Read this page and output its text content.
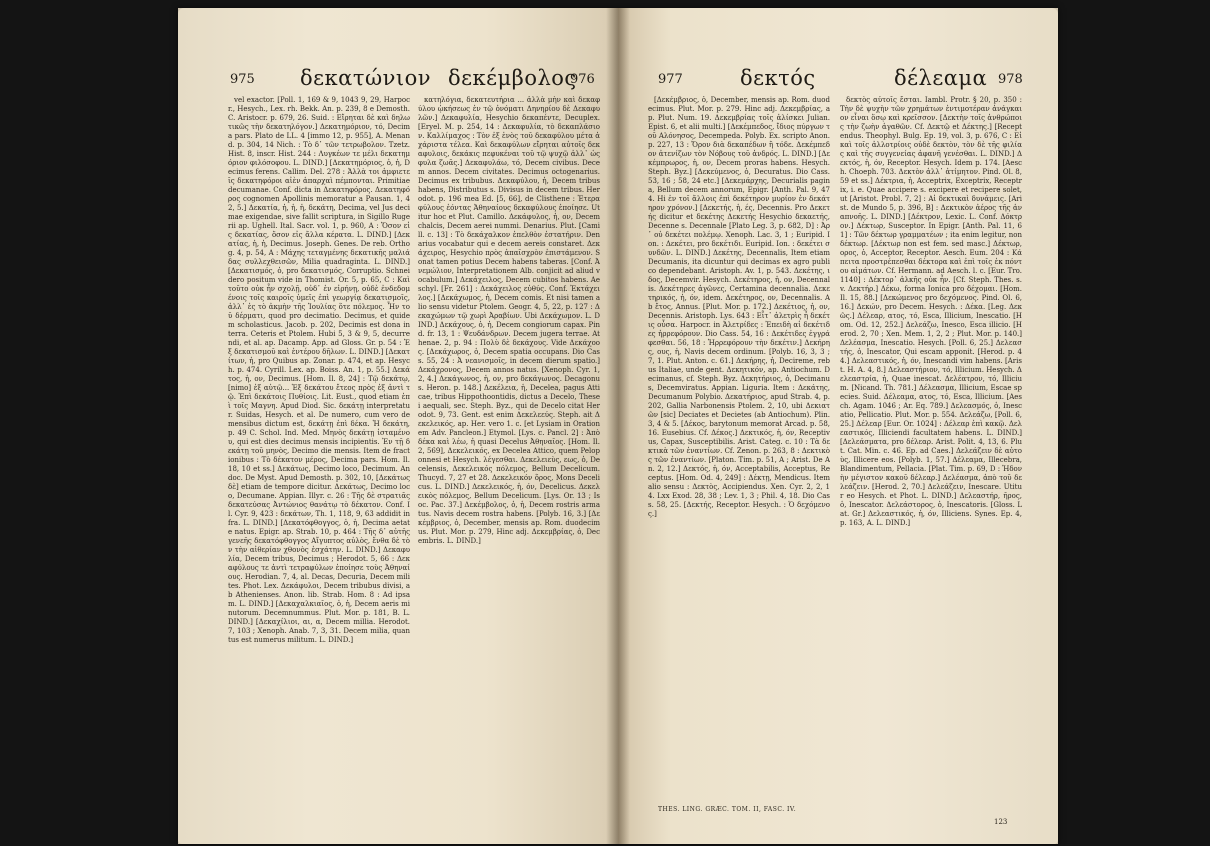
975 δεκατώνιον δεκέμβολος
976

vel exactor. [Poll. 1, 169 & 9, 1043 9, 29, Harpocr., Hesych., Lex. rh. Bekk. An. p. 239, 8 e Demosth. C. Aristocr. p. 679, 26. Suid. : Εἴρηται δὲ καὶ δηλωτικῶς τὴν δεκατηλόγον.] Δεκατημόριον, τό, Decima pars. Plato de LL. 4 [immo 12, p. 955], A. Menand. p. 304, 14 Nich. : Τὸ δ᾽ τῶν τετρωβολον. Tzetz. Hist. 8, inscr. Hist. 244 : Λυγκέων τε μέλι δεκατημόριον φιλόσοφου. L. DIND.] [Δεκατημόριος, ὁ, ἡ, Decimus ferens. Callim. Del. 278 : Ἀλλὰ τοι ἀμφιετεῖς δεκατηφόροι αἰὲν ἀπαρχαὶ πέμπονται. Primitiae decumanae. Conf. dicta in Δεκατηφόρος. Δεκατηφόρος cognomen Apollinis memoratur a Pausan. 1, 42, 5.] Δεκατία, ἡ, ἡ, ἡ, δεκάτη, Decima, vel Jus decimae exigendae, sive fallit scriptura, in Sigillo Rugerii ap. Ughell. Ital. Sacr. vol. 1, p. 960, A : Ὅσον εἰς δεκατίας, ὅσον εἰς ἄλλα κέρατα. L. DIND.] [Δεκατίας, ἡ, ἡ, Decimus. Joseph. Genes. De reb. Orthog. 4, p. 54, A : Μάχης τεταγμένης δεκατικῆς μαλιάδας συλλεχθεισῶν, Milia quadraginta. L. DIND.] [Δεκατισμός, ὁ, pro δεκατισμός, Corruptio. Schneidero positum vide in Thomist. Or. 5, p. 65, C : Καὶ τοῦτο οὐκ ἦν σχολῇ, οὐδ᾽ ἐν εἰρήνῃ, οὐδὲ ἐνδεδομένοις τοῖς καιροῖς ὑμεῖς ἐπὶ γεωργίᾳ δεκατισμοῖς, ἀλλ᾽ ἐς τὸ ἀκμὴν τῆς Ἰουλίας ὅτε πόλεμος. Ἦν τοῦ δέρματι, quod pro decimatio. Decimus, et quidem scholasticus. Jacob. p. 202, Decimis est dona in terra. Ceteris et Ptolem. Hubi 5, 3 & 9, 5, decurrendi, et al. ap. Dacamp. App. ad Gloss. Gr. p. 54 : Ἐξ δεκατισμοῦ καὶ ἐντέρου δῆλων. L. DIND.] [Δεκατίτων, ἡ, pro Quibus ap. Zonar. p. 474, et ap. Hesych. p. 474. Cyrill. Lex. ap. Boiss. An. 1, p. 55.] Δεκάτος, ἡ, ον, Decimus. [Hom. Il. 8, 24] : Τῷ δεκάτῳ, [nimo] ἐξ αὐτῷ... Ἐξ δεκάτου ἔτεος πρὸς ἐξ ἀντὶ τῷ. Ἐπὶ δεκάτοις Πυθίοις. Lit. Eust., quod etiam ἐπὶ τοῖς Μαγνη. Apud Diod. Sic. δεκάτῃ interpretatur. Suidas, Hesych. et al. De numero, cum vero de mensibus dictum est, δεκάτῃ ἐπὶ δέκα. Ἡ δεκάτη, p. 49 C. Schol. Ind. Med. Μηνὸς δεκάτῃ ἱσταμένου, qui est dies decimus mensis incipientis. Ἐν τῇ δεκάτῃ τοῦ μηνὸς, Decimo die mensis. Item de fractionibus : Τὸ δέκατον μέρος, Decima pars. Hom. Il. 18, 10 et ss.] Δεκάτως, Decimo loco, Decimum. Andoc. De Myst. Apud Demosth. p. 302, 10, [Δεκάτως δὲ] etiam de tempore dicitur. Δεκάτως, Decimo loco, Decumane. Appian. Illyr. c. 26 : Τῆς δὲ στρατιᾶς δεκατεύσας Ἀντώνιος θανάτῳ τὸ δέκατον. Conf. Il. Cyr. 9, 423 : δεκάτων, Th. 1, 118, 9, 63 addidit infra. L. DIND.] [Δεκατόφθογγος, ὁ, ἡ, Decima aetate natus. Epigr. ap. Strab. 10, p. 464 : Τῆς δ᾽ αὐτῆς γενεῆς δεκατόφθογγος Αἴγυπτος αὐλὸς, ἔνθα δὲ τὸν τὴν αἰθερίαν χθονὸς ἐσχάτην. L. DIND.] Δεκαφυλία, Decem tribus, Decimus ; Herodot. 5, 66 : Δεκαφύλους τε ἀντὶ τετραφύλων ἐποίησε τοὺς Ἀθηναίους. Herodian. 7, 4, al. Decas, Decuria, Decem milites. Phot. Lex. Δεκάφυλοι, Decem tribubus divisi, ab Athenienses. Anon. lib. Strab. Hom. 8 : Ad ipsam. L. DIND.] [Δεκαχαλκιαῖος, ὁ, ἡ, Decem aeris minutorum. Decemnummus. Plut. Mor. p. 181, B. L. DIND.] [Δεκαχίλιοι, αι, α, Decem millia. Herodot. 7, 103 ; Xenoph. Anab. 7, 3, 31. Decem milia, quantus est numerus militum. L. DIND.]

κατηλόγια, δεκατευτήρια ... ἀλλὰ μὴν καὶ δεκαφύλου ᾠκήσεως ἐν τῷ ὀνόματι Δηνηρίου δὲ Δεκαφυλῶν.] Δεκαφυλία, Hesychio δεκαπέντε, Decuplex. [Eryel. M. p. 254, 14 : Δεκαφυλία, τὸ δεκαπλάσιον. Καλλίμαχος : Τὸν ἐξ ἑνὸς τοῦ δεκαφύλου μέτα ἀχάριστα τέλεα. Καὶ δεκαφύλων εἴρηται αὐτοῖς δεκαφυλοις, δεκάκις πεφυκέναι τοῦ τῷ ψυχῷ ἀλλ᾽ ὡς φυλα ζωᾶς.] Δεκαφυλάω, τό, Decem civibus. Decem annos. Decem civitates. Decimus octogenarius. Decimus ex tribubus. Δεκαφύλου, ἡ, Decem tribus habens, Distributus s. Divisus in decem tribus. Herodot. p. 196 mea Ed. [5, 66], de Clisthene : Ἐτεραφύλους ἐόντας Ἀθηναίους δεκαφύλους ἐποίησε. Utitur hoc et Plut. Camillo. Δεκάφυλος, ἡ, ον, Decem chalcis, Decem aerei nummi. Denarius. Plut. [Camill. c. 13] : Τὸ δεκάχαλκον ἐπελθὸν ἐστατήριν. Denarius vocabatur qui e decem aereis constaret. Δεκάχειρος, Hesychio πρὸς ἀπαῖσχρὸν ἐπιστάμενον. Sonat tamen potius Decem habens taberas. [Conf. Ἀνεμώλιον, Interpretationem Alb. conjicit ad aliud vocabulum.] Δεκάχειλος, Decem cubitos habens. Aeschyl. [Fr. 261] : Δεκάχειλος εὐθύς. Conf. Ἐκτάχειλος.] [Δεκάχωμος, ἡ, Decem comis. Et nisi tamen alio sensu videtur Ptolem. Geogr. 4, 5, 22, p. 127 : Δεκαχώμων τῷ χωρὶ Ἀραβίων. Ubi Δεκάχωμον. L. DIND.] Δεκάχους, ὁ, ἡ, Decem congiorum capax. Pind. fr. 13, 1 : Ψευδάνδρων. Decem jugera terrae. Athenae. 2, p. 94 : Πολὺ δὲ δεκάχους. Vide Δεκάχοος. [Δεκάχωρος, ὁ, Decem spatia occupans. Dio Cass. 55, 24 : Ἀ νεανισμοῖς, in decem dierum spatio.] Δεκάχρονος, Decem annos natus. [Xenoph. Cyr. 1, 2, 4.] Δεκάγωνος, ἡ, ον, pro δεκάγωνος. Decagonus. Heron. p. 148.] Δεκέλεια, ἡ, Decelea, pagus Atticae, tribus Hippothoontidis, dictus a Decelo, Thesei aequali, sec. Steph. Byz., qui de Decelo citat Herodot. 9, 73. Gent. est enim Δεκελεεύς. Steph. ait Δεκελεικός, ap. Her. vero 1. c. [et Lysiam in Orationem Adv. Pancleon.] Etymol. [Lys. c. Pancl. 2] : Ἀπὸ δέκα καὶ λέω, ἡ quasi Decelus Ἀθηναῖος. [Hom. Il. 2, 569], Δεκελεικός, ex Decelea Attico, quem Peloponnesi et Hesych. λέγεσθαι. Δεκελειεὺς, εως, ὁ, Decelensis, Δεκελεικός πόλεμος, Bellum Decelicum. Thucyd. 7, 27 et 28. Δεκελεικόν ὅρος, Mons Decelicus. L. DIND.] Δεκελεικός, ἡ, όν, Decelicus. Δεκελεικὸς πόλεμος, Bellum Decelicum. [Lys. Or. 13 ; Isoc. Pac. 37.] Δεκέμβολος, ὁ, ἡ, Decem rostris armatus. Navis decem rostra habens. [Polyb. 16, 3.] [Δεκέμβριος, ὁ, December, mensis ap. Rom. duodecimus. Plut. Mor. p. 279, Hinc adj. Δεκεμβρίας, ὁ, Decembris. L. DIND.]

977	δεκτός	δέλεαμα 978

[Δεκέμβριος, ὁ, December, mensis ap. Rom. duodecimus. Plut. Mor. p. 279. Hinc adj. Δεκεμβρίας, ap. Plut. Num. 19. Δεκεμβρίας τοῖς ἁλίσκει Julian. Epist. 6, et alii multi.] [Δεκέμπεδος, ἴδιος πύργων τοῦ Αλόνησος, Decempeda. Polyb. Ex. scripto Anon. p. 227, 13 : Ὄρον διὰ δεκαπέδων ἢ τόδε. Δεκέμπεδον ἀτενίζων τὸν Νόβους τοῦ ἀνδρός. L. DIND.] [Δεκέμπρωρος, ἡ, ον, Decem proras habens. Hesych. Steph. Byz.] [Δεκεύμενος, ὁ, Decuratus. Dio Cass. 53, 16 ; 58, 24 etc.] [Δεκεμάρχης, Decurialis pagina, Bellum decem annorum, Epigr. [Anth. Pal. 9, 474. Hi ἐν τοῖ ἄλλοις ἐπὶ δεκέτηρον μυρίον ἐν δεκάτηρον χρόνον.] [Δεκετής, ἡ, ές, Decennis. Pro Δεκετής dicitur et δεκέτης Δεκετής Hesychio δεκαετής, Decenne s. Decennale [Plato Leg. 3, p. 682, D] : Ἀρ᾽ οὐ δεκέτει πολέμῳ. Xenoph. Lac. 3, 1 ; Euripid. Ion. : Δεκέτει, pro δεκέτιδι. Euripid. Ion. : δεκέτει συνδῶν. L. DIND.] Δεκέτης, Decennalis, Item etiam Decumanis, ita dicuntur qui decimas ex agro publico dependebant. Aristoph. Av. 1, p. 543. Δεκέτης, ιδος, Decemvir. Hesych. Δεκέτηρος, ἡ, ον, Decennalis. Δεκέτηρες ἀγῶνες, Certamina decennalia. Δεκετηρικός, ἡ, όν, idem. Δεκέτηρος, ον, Decennalis. Ab ἔτος, Annus. [Plut. Mor. p. 172.] Δεκέτιος, ἡ, ον, Decennis. Aristoph. Lys. 643 : Εἶτ᾽ ἀλετρὶς ἦ δεκέτις οὖσα. Harpocr. in Ἀλετρίδες : Ἐπειδὴ αἱ δεκέτιδες ἠρρεφόρουν. Dio Cass. 54, 16 : Δεκέτιδες ἐγγράφεσθαι. 56, 18 : Ἠρρεφόρουν τὴν δεκέτιν.] Δεκήρης, ους, ἡ, Navis decem ordinum. [Polyb. 16, 3, 3 ; 7, 1. Plut. Anton. c. 61.] Δεκήρης, ἡ, Decireme, rebus Italiae, unde gent. Δεκητικόν, ap. Antiochum. Decimanus, cf. Steph. Byz. Δεκητήριος, ὁ, Decimanus, Decemviratus. Appian. Liguria. Item : Δεκάτης, Decumanum Polybio. Δεκατήριος, apud Strab. 4, p. 202, Gallia Narbonensis Ptolem. 2, 10, ubi Δεκιατῶν [sic] Deciates et Decietes (ab Antiochum). Plin. 3, 4 & 5. [Δέκος, barytonum memorat Arcad. p. 58, 16. Eusebius. Cf. Δέκος.] Δεκτικός, ἡ, όν, Receptivus, Capax, Susceptibilis. Arist. Categ. c. 10 : Τὰ δεκτικὰ τῶν ἐναντίων. Cf. Zenon. p. 263, 8 : Δεκτικὸς τῶν ἐναντίων. [Platon. Tim. p. 51, A ; Arist. De An. 2, 12.] Δεκτός, ἡ, όν, Acceptabilis, Acceptus, Receptus. [Hom. Od. 4, 249] : Δέκτῃ, Mendicus. Item alio sensu : Δεκτὸς, Accipiendus. Xen. Cyr. 2, 2, 14. Lxx Exod. 28, 38 ; Lev. 1, 3 ; Phil. 4, 18. Dio Cass. 58, 25. [Δεκτής, Receptor. Hesych. : Ὁ δεχόμενος.]

δεκτὸς αὐτοῖς ἔσται. Iambl. Protr. § 20, p. 350 : Τὴν δὲ ψυχὴν τῶν χρημάτων ἐντιμοτέραν ἀνάγκαιον εἶναι ὅσῳ καὶ κρεῖσσον. [Δεκτὴν τοῖς ἀνθρώποις τὴν ζωὴν ἀγαθῶν. Cf. Δεκτῷ et Δέκτης.] [Receptendus. Theophyl. Bulg. Ep. 19, vol. 3, p. 676, C : Εἰ καὶ τοῖς ἀλλοτρίοις οὐδὲ δεκτὸν, τὸν δὲ τῆς φιλίας καὶ τῆς συγγενείας ἀφανῆ γενέσθαι. L. DIND.] Δεκτός, ἡ, όν, Receptor. Hesych. Idem p. 174. [Aesch. Choeph. 703. Δεκτὸν ἀλλ᾽ ἀτίμητον. Pind. Ol. 8, 59 et ss.] Δέκτρια, ἡ, Acceptrix, Exceptrix, Receptrix, i. e. Quae accipere s. excipere et recipere solet, ut [Aristot. Probl. 7, 2] : Αἱ δεκτικαὶ δυνάμεις. [Arist. de Mundo 5, p. 396, B] : Δεκτικὸν ἀέρος τῆς ἀναπνοῆς. L. DIND.] [Δέκτρον, Lexic. L. Conf. Δόκτρον.] Δέκτωρ, Susceptor. In Epigr. [Anth. Pal. 11, 61] : Τῶν δέκτωρ γραμματέων ; ita enim legitur, non δέκτωρ. [Δέκτωρ non est fem. sed masc.] Δέκτωρ, ορος, ὁ, Acceptor, Receptor. Aesch. Eum. 204 : Κάπειτα προστρέπεσθαι δέκτορα καὶ ἐπὶ τοῖς ἐκ πόντου αἱμάτων. Cf. Hermann. ad Aesch. l. c. [Eur. Tro. 1140] : Δέκτορ᾽ ἀλκῆς οὐκ ἦν. [Cf. Steph. Thes. s. v. Δεκτήρ.] Δέκω, forma Ionica pro δέχομαι. [Hom. Il. 15, 88.] [Δεκώμενος pro δεχόμενος. Pind. Ol. 6, 16.] Δεκών, pro Decem. Hesych. : Δέκα. [Leg. Δεκῶς.] Δέλεαρ, ατος, τό, Esca, Illicium, Inescatio. [Hom. Od. 12, 252.] Δελεάζω, Inesco, Esca illicio. [Herod. 2, 70 ; Xen. Mem. 1, 2, 2 ; Plut. Mor. p. 140.] Δελέασμα, Inescatio. Hesych. [Poll. 6, 25.] Δελεαστής, ὁ, Inescator, Qui escam apponit. [Herod. p. 44.] Δελεαστικός, ἡ, όν, Inescandi vim habens. [Arist. H. A. 4, 8.] Δελεαστήριον, τό, Illicium. Hesych. Δελεαστρία, ἡ, Quae inescat. Δελέατρον, τό, Illicium. [Nicand. Th. 781.] Δέλεασμα, Illicium, Escae species. Suid. Δέλεαμα, ατος, τό, Esca, Illicium. [Aesch. Agam. 1046 ; Ar. Eq. 789.] Δελεασμός, ὁ, Inescatio, Pellicatio. Plut. Mor. p. 554. Δελεάζω, [Poll. 6, 25.] Δέλεαρ [Eur. Or. 1024] : Δέλεαρ ἐπὶ κακῷ. Δελεαστικός, Illiciendi facultatem habens. L. DIND.] [Δελεάσματα, pro δέλεαρ. Arist. Polit. 4, 13, 6. Plut. Cat. Min. c. 46. Ep. ad Caes.] Δελεάζειν δὲ αὐτοὺς, Illicere eos. [Polyb. 1, 57.] Δέλεαμα, Illecebra, Blandimentum, Pellacia. [Plat. Tim. p. 69, D : Ἡδονὴν μέγιστον κακοῦ δέλεαρ.] Δελέασμα, ἀπὸ τοῦ δελεάζειν. [Herod. 2, 70.] Δελεάζειν, Inescare. Utitur eo Hesych. et Phot. L. DIND.] Δελεαστήρ, ῆρος, ὁ, Inescator. Δελεάστορος, ὁ, Inescatoris. [Gloss. Lat. Gr.] Δελεαστικός, ἡ, όν, Illiciens. Synes. Ep. 4, p. 163, A. L. DIND.]

THES. LING. GRÆC. TOM. II, FASC. IV.
123
